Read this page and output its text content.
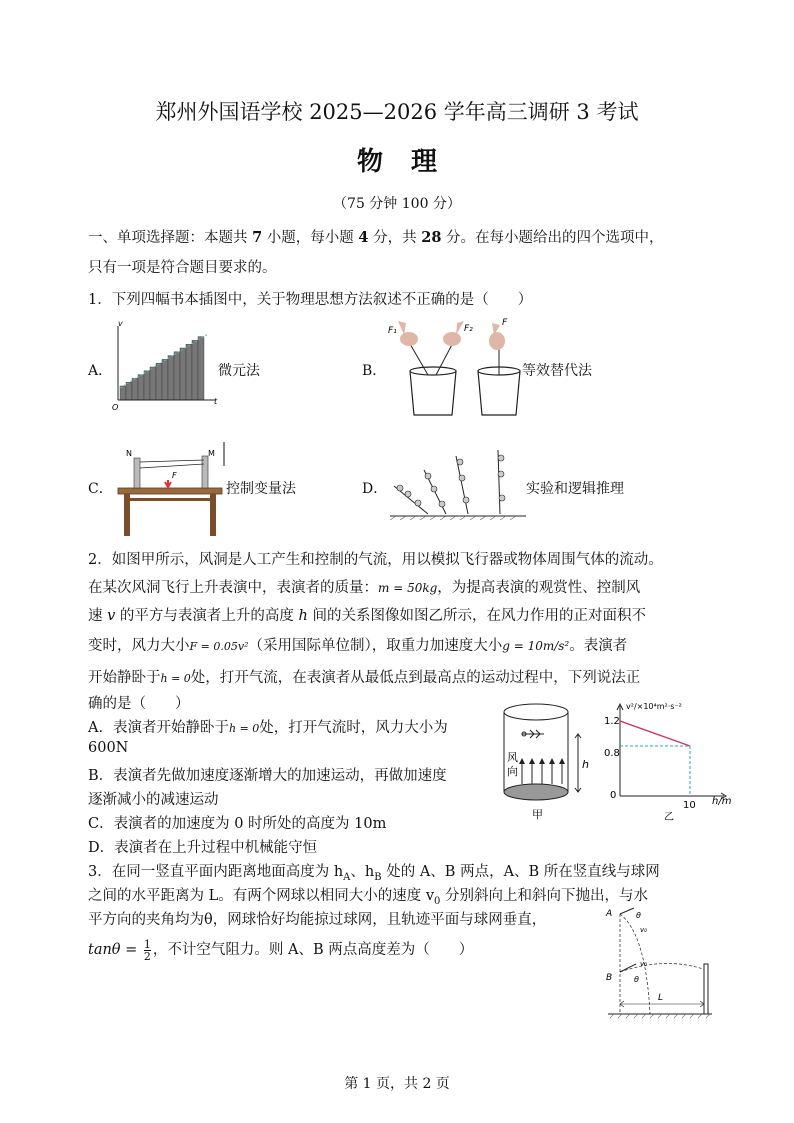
郑州外国语学校 2025—2026 学年高三调研 3 考试
物理
（75 分钟 100 分）
一、单项选择题：本题共 7 小题，每小题 4 分，共 28 分。在每小题给出的四个选项中，
只有一项是符合题目要求的。
1．下列四幅书本插图中，关于物理思想方法叙述不正确的是（　　）
A．	微元法	B．	等效替代法
C．	控制变量法	D．	实验和逻辑推理
v
t
O
F₁	F₂
F
N	M
F
2．如图甲所示，风洞是人工产生和控制的气流，用以模拟飞行器或物体周围气体的流动。
在某次风洞飞行上升表演中，表演者的质量：m = 50kg，为提高表演的观赏性、控制风
速 v 的平方与表演者上升的高度 h 间的关系图像如图乙所示，在风力作用的正对面积不
变时，风力大小F = 0.05v²（采用国际单位制），取重力加速度大小g = 10m/s²。表演者
开始静卧于h = 0处，打开气流，在表演者从最低点到最高点的运动过程中，下列说法正
确的是（　　）
A．表演者开始静卧于h = 0处，打开气流时，风力大小为
600N
B．表演者先做加速度逐渐增大的加速运动，再做加速度
逐渐减小的减速运动
C．表演者的加速度为 0 时所处的高度为 10m
D．表演者在上升过程中机械能守恒
风
向
h
甲
v²/×10⁴m²·s⁻²
h/m
1.2
0.8
0
10
乙
3．在同一竖直平面内距离地面高度为 $h_A$、$h_B$ 处的 A、B 两点，A、B 所在竖直线与球网
之间的水平距离为 L。有两个网球以相同大小的速度 $v_0$ 分别斜向上和斜向下抛出，与水
平方向的夹角均为θ，网球恰好均能掠过球网，且轨迹平面与球网垂直，
$\tan\theta = \frac{1}{2}$ ，不计空气阻力。则 A、B 两点高度差为（　　）
A
B
θ
v₀
v₀
θ
L
第 1 页，共 2 页
